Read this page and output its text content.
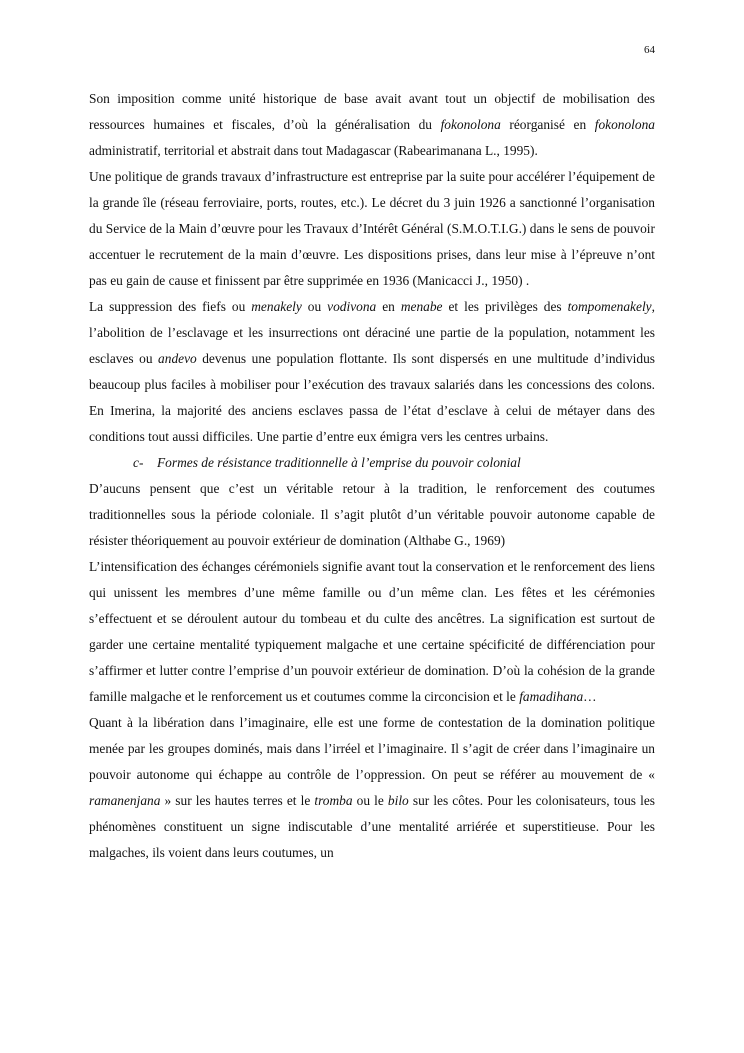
64

Son imposition comme unité historique de base avait avant tout un objectif de mobilisation des ressources humaines et fiscales, d’où la généralisation du fokonolona réorganisé en fokonolona administratif, territorial et abstrait dans tout Madagascar (Rabearimanana L., 1995).

Une politique de grands travaux d’infrastructure est entreprise par la suite pour accélérer l’équipement de la grande île (réseau ferroviaire, ports, routes, etc.). Le décret du 3 juin 1926 a sanctionné l’organisation du Service de la Main d’œuvre pour les Travaux d’Intérêt Général (S.M.O.T.I.G.) dans le sens de pouvoir accentuer le recrutement de la main d’œuvre. Les dispositions prises, dans leur mise à l’épreuve n’ont pas eu gain de cause et finissent par être supprimée en 1936 (Manicacci J., 1950) .

La suppression des fiefs ou menakely ou vodivona en menabe et les privilèges des tompomenakely, l’abolition de l’esclavage et les insurrections ont déraciné une partie de la population, notamment les esclaves ou andevo devenus une population flottante. Ils sont dispersés en une multitude d’individus beaucoup plus faciles à mobiliser pour l’exécution des travaux salariés dans les concessions des colons. En Imerina, la majorité des anciens esclaves passa de l’état d’esclave à celui de métayer dans des conditions tout aussi difficiles. Une partie d’entre eux émigra vers les centres urbains.

c- Formes de résistance traditionnelle à l’emprise du pouvoir colonial

D’aucuns pensent que c’est un véritable retour à la tradition, le renforcement des coutumes traditionnelles sous la période coloniale. Il s’agit plutôt d’un véritable pouvoir autonome capable de résister théoriquement au pouvoir extérieur de domination (Althabe G., 1969)

L’intensification des échanges cérémoniels signifie avant tout la conservation et le renforcement des liens qui unissent les membres d’une même famille ou d’un même clan. Les fêtes et les cérémonies s’effectuent et se déroulent autour du tombeau et du culte des ancêtres. La signification est surtout de garder une certaine mentalité typiquement malgache et une certaine spécificité de différenciation pour s’affirmer et lutter contre l’emprise d’un pouvoir extérieur de domination. D’où la cohésion de la grande famille malgache et le renforcement us et coutumes comme la circoncision et le famadihana…

Quant à la libération dans l’imaginaire, elle est une forme de contestation de la domination politique menée par les groupes dominés, mais dans l’irréel et l’imaginaire. Il s’agit de créer dans l’imaginaire un pouvoir autonome qui échappe au contrôle de l’oppression. On peut se référer au mouvement de « ramanenjana » sur les hautes terres et le tromba ou le bilo sur les côtes. Pour les colonisateurs, tous les phénomènes constituent un signe indiscutable d’une mentalité arriérée et superstitieuse. Pour les malgaches, ils voient dans leurs coutumes, un
